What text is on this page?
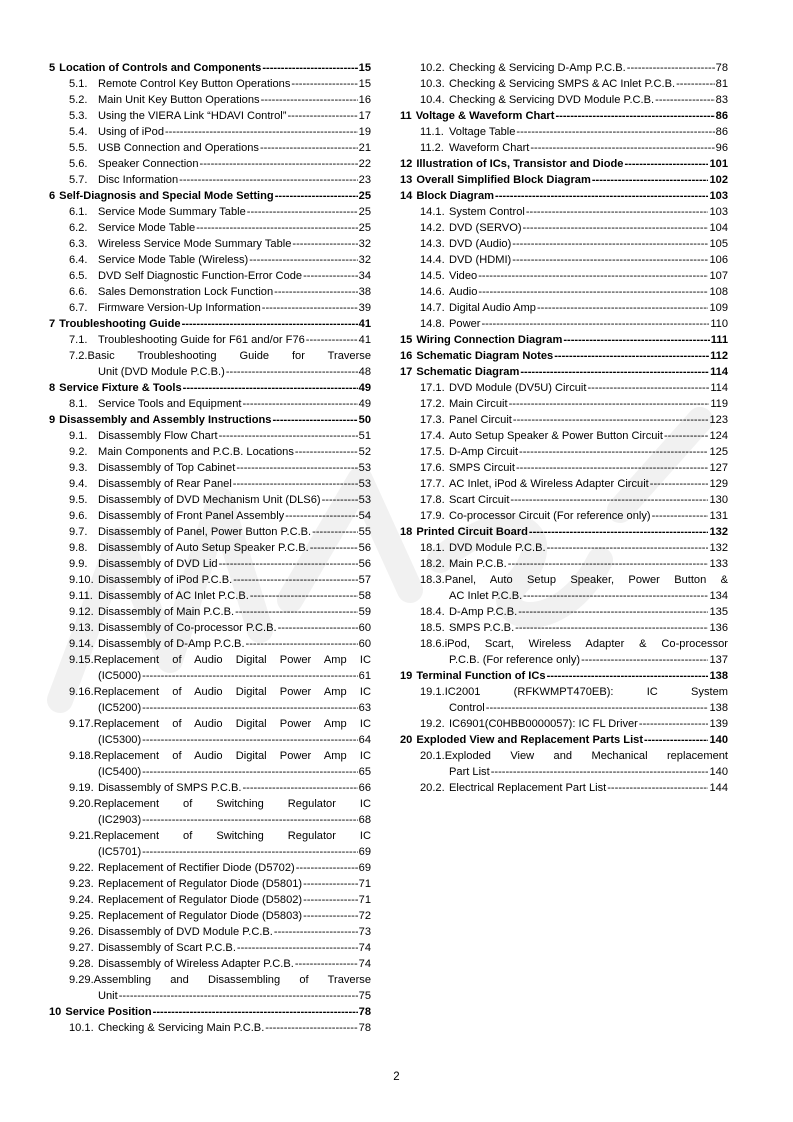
5 Location of Controls and Components -----	15
5.1. Remote Control Key Button Operations -----	15
5.2. Main Unit Key Button Operations -----	16
5.3. Using the VIERA Link “HDAVI Control” -----	17
5.4. Using of iPod -----	19
5.5. USB Connection and Operations -----	21
5.6. Speaker Connection -----	22
5.7. Disc Information -----	23
6 Self-Diagnosis and Special Mode Setting -----	25
6.1. Service Mode Summary Table -----	25
6.2. Service Mode Table -----	25
6.3. Wireless Service Mode Summary Table -----	32
6.4. Service Mode Table (Wireless) -----	32
6.5. DVD Self Diagnostic Function-Error Code -----	34
6.6. Sales Demonstration Lock Function -----	38
6.7. Firmware Version-Up Information -----	39
7 Troubleshooting Guide -----	41
7.1. Troubleshooting Guide for F61 and/or F76 -----	41
7.2. Basic Troubleshooting Guide for Traverse
Unit (DVD Module P.C.B.) -----	48
8 Service Fixture & Tools -----	49
8.1. Service Tools and Equipment -----	49
9 Disassembly and Assembly Instructions -----	50
9.1. Disassembly Flow Chart -----	51
9.2. Main Components and P.C.B. Locations -----	52
9.3. Disassembly of Top Cabinet -----	53
9.4. Disassembly of Rear Panel -----	53
9.5. Disassembly of DVD Mechanism Unit (DLS6) -----	53
9.6. Disassembly of Front Panel Assembly -----	54
9.7. Disassembly of Panel, Power Button P.C.B. -----	55
9.8. Disassembly of Auto Setup Speaker P.C.B. -----	56
9.9. Disassembly of DVD Lid -----	56
9.10. Disassembly of iPod P.C.B. -----	57
9.11. Disassembly of AC Inlet P.C.B. -----	58
9.12. Disassembly of Main P.C.B. -----	59
9.13. Disassembly of Co-processor P.C.B. -----	60
9.14. Disassembly of D-Amp P.C.B. -----	60
9.15. Replacement of Audio Digital Power Amp IC
(IC5000) -----	61
9.16. Replacement of Audio Digital Power Amp IC
(IC5200) -----	63
9.17. Replacement of Audio Digital Power Amp IC
(IC5300) -----	64
9.18. Replacement of Audio Digital Power Amp IC
(IC5400) -----	65
9.19. Disassembly of SMPS P.C.B. -----	66
9.20. Replacement of Switching Regulator IC
(IC2903) -----	68
9.21. Replacement of Switching Regulator IC
(IC5701) -----	69
9.22. Replacement of Rectifier Diode (D5702) -----	69
9.23. Replacement of Regulator Diode (D5801) -----	71
9.24. Replacement of Regulator Diode (D5802) -----	71
9.25. Replacement of Regulator Diode (D5803) -----	72
9.26. Disassembly of DVD Module P.C.B. -----	73
9.27. Disassembly of Scart P.C.B. -----	74
9.28. Disassembly of Wireless Adapter P.C.B. -----	74
9.29. Assembling and Disassembling of Traverse
Unit -----	75
10 Service Position -----	78
10.1. Checking & Servicing Main P.C.B. -----	78
10.2. Checking & Servicing D-Amp P.C.B. -----	78
10.3. Checking & Servicing SMPS & AC Inlet P.C.B. -----	81
10.4. Checking & Servicing DVD Module P.C.B. -----	83
11 Voltage & Waveform Chart -----	86
11.1. Voltage Table -----	86
11.2. Waveform Chart -----	96
12 Illustration of ICs, Transistor and Diode -----	101
13 Overall Simplified Block Diagram -----	102
14 Block Diagram -----	103
14.1. System Control -----	103
14.2. DVD (SERVO) -----	104
14.3. DVD (Audio) -----	105
14.4. DVD (HDMI) -----	106
14.5. Video -----	107
14.6. Audio -----	108
14.7. Digital Audio Amp -----	109
14.8. Power -----	110
15 Wiring Connection Diagram -----	111
16 Schematic Diagram Notes -----	112
17 Schematic Diagram -----	114
17.1. DVD Module (DV5U) Circuit -----	114
17.2. Main Circuit -----	119
17.3. Panel Circuit -----	123
17.4. Auto Setup Speaker & Power Button Circuit -----	124
17.5. D-Amp Circuit -----	125
17.6. SMPS Circuit -----	127
17.7. AC Inlet, iPod & Wireless Adapter Circuit -----	129
17.8. Scart Circuit -----	130
17.9. Co-processor Circuit (For reference only) -----	131
18 Printed Circuit Board -----	132
18.1. DVD Module P.C.B. -----	132
18.2. Main P.C.B. -----	133
18.3. Panel, Auto Setup Speaker, Power Button &
AC Inlet P.C.B. -----	134
18.4. D-Amp P.C.B. -----	135
18.5. SMPS P.C.B. -----	136
18.6. iPod, Scart, Wireless Adapter & Co-processor
P.C.B. (For reference only) -----	137
19 Terminal Function of ICs -----	138
19.1. IC2001 (RFKWMPT470EB): IC System
Control -----	138
19.2. IC6901(C0HBB0000057): IC FL Driver -----	139
20 Exploded View and Replacement Parts List -----	140
20.1. Exploded View and Mechanical replacement
Part List -----	140
20.2. Electrical Replacement Part List -----	144
2
